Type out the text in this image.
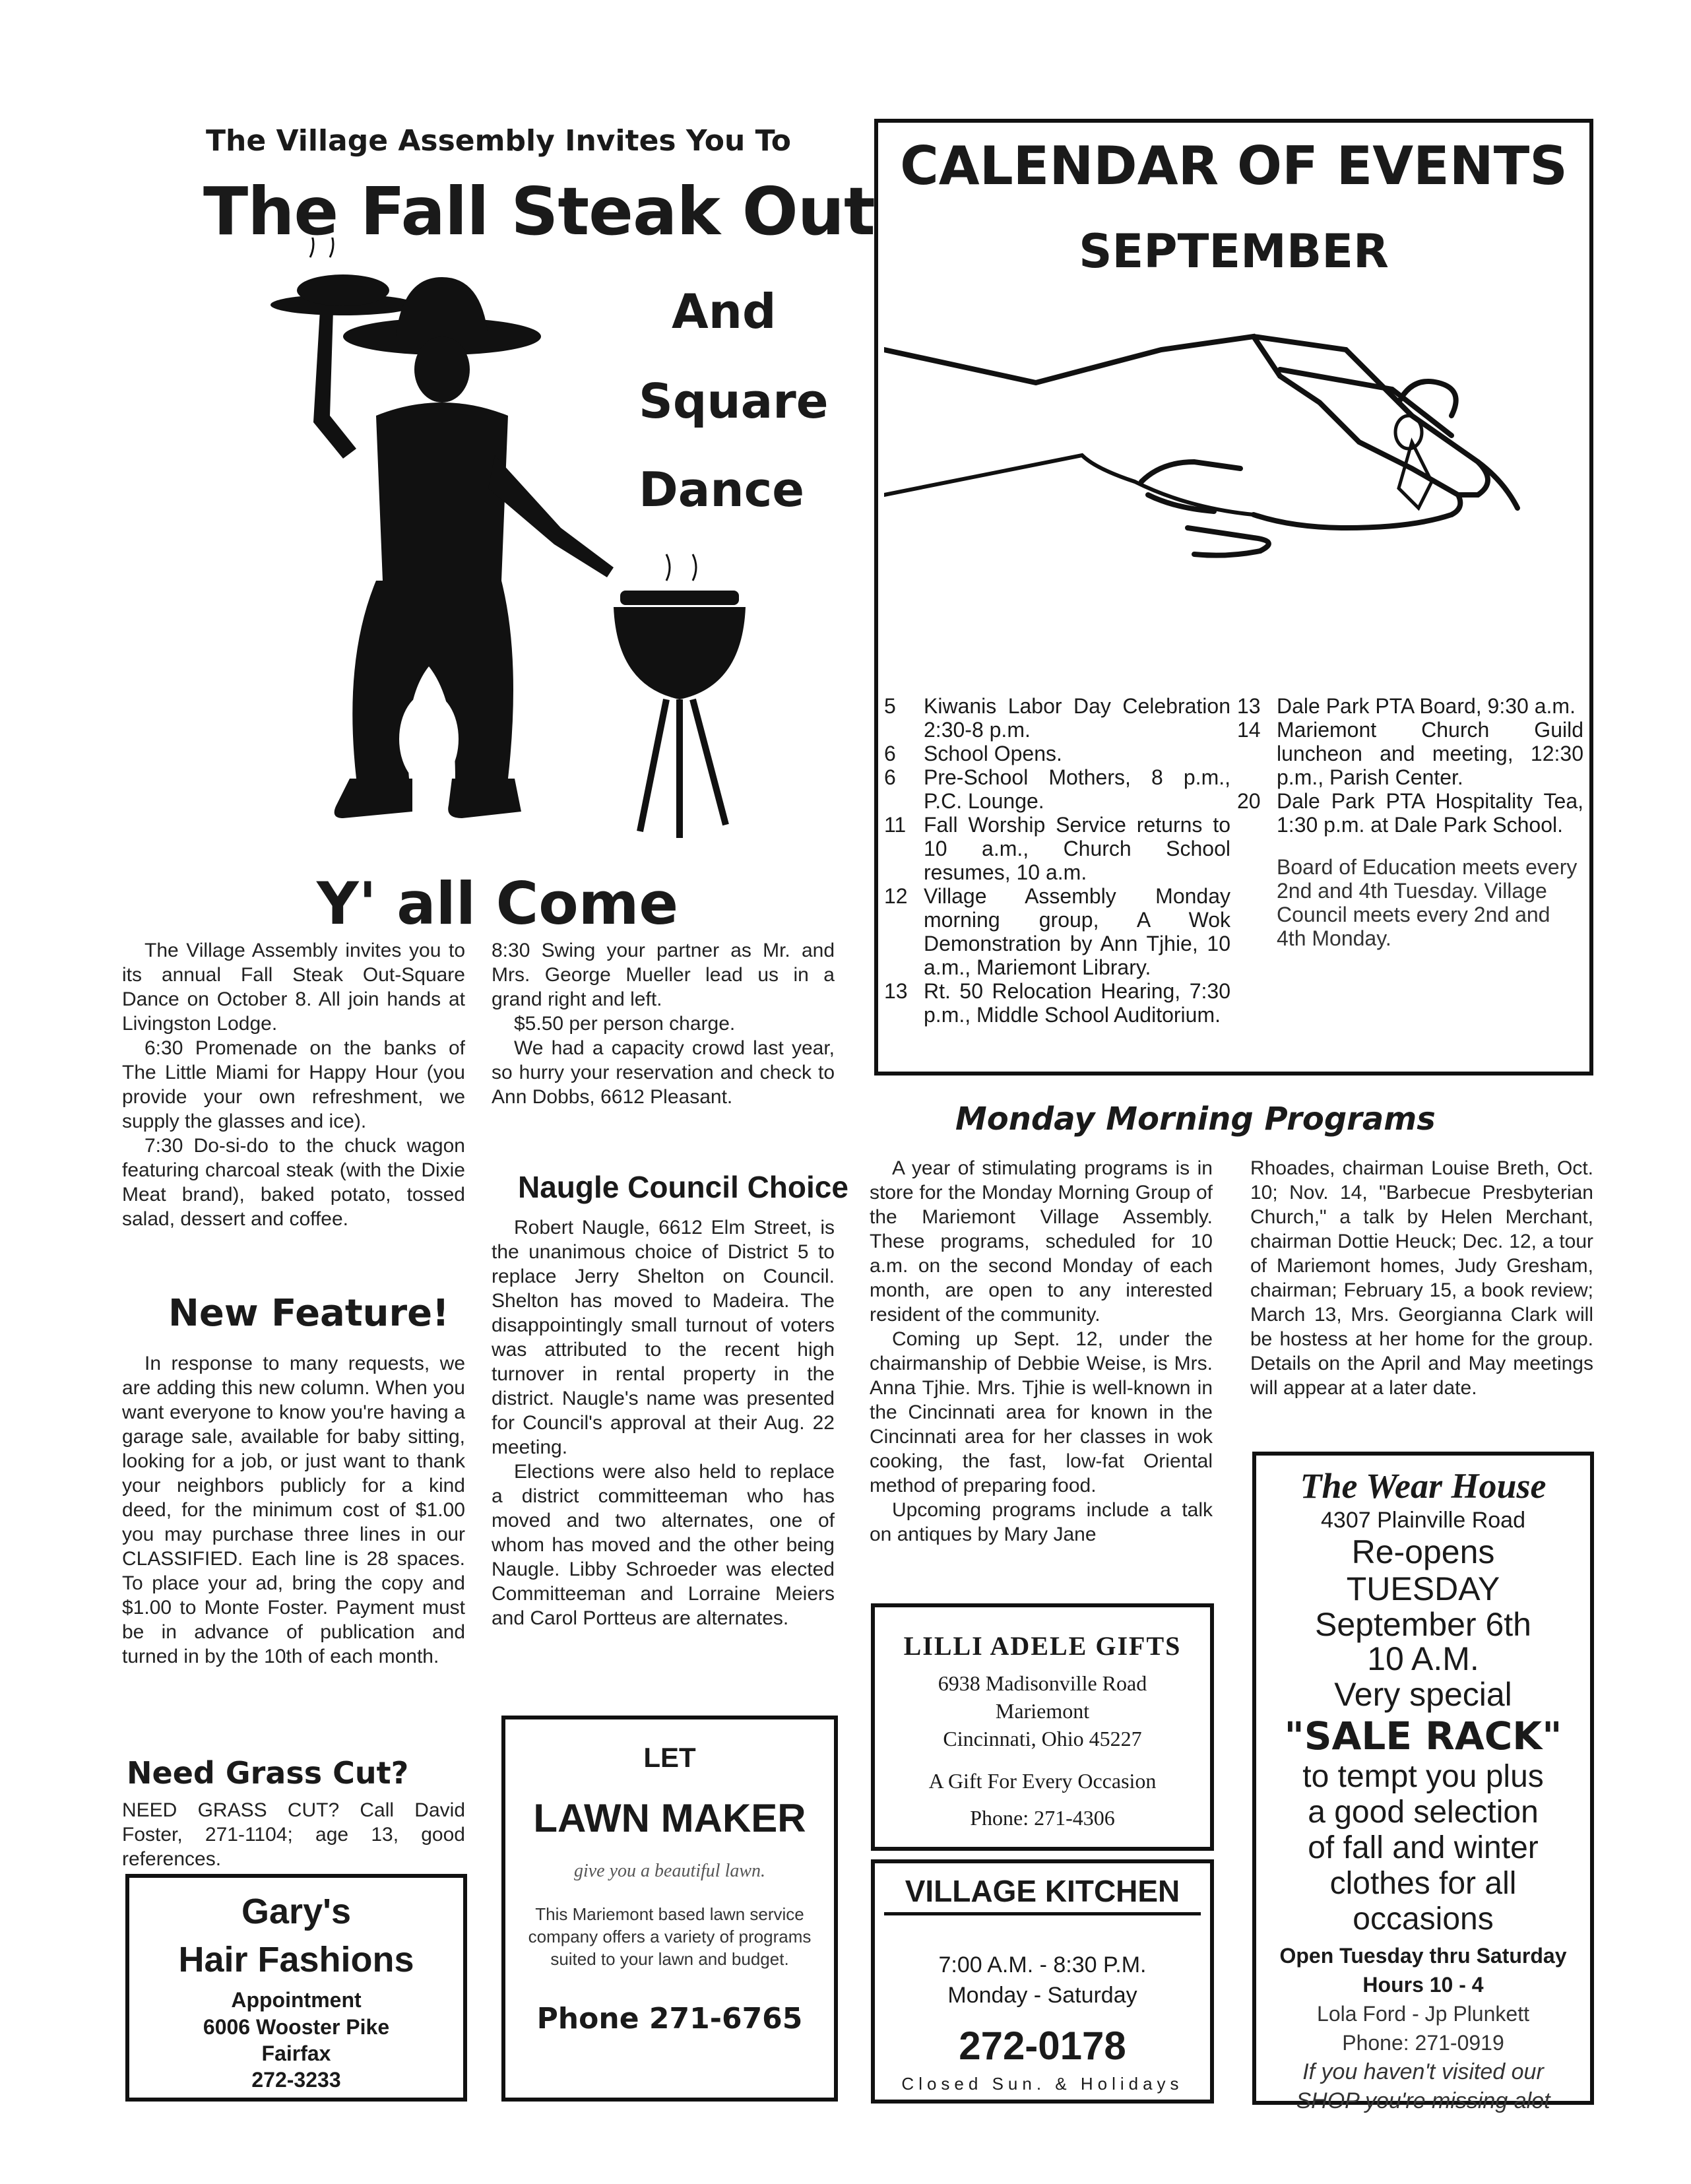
The Village Assembly Invites You To
The Fall Steak Out
And
Square
Dance
Y' all Come

The Village Assembly invites you to its annual Fall Steak Out-Square Dance on October 8. All join hands at Livingston Lodge.

6:30 Promenade on the banks of The Little Miami for Happy Hour (you provide your own refreshment, we supply the glasses and ice).

7:30 Do-si-do to the chuck wagon featuring charcoal steak (with the Dixie Meat brand), baked potato, tossed salad, dessert and coffee.

8:30 Swing your partner as Mr. and Mrs. George Mueller lead us in a grand right and left.

$5.50 per person charge.

We had a capacity crowd last year, so hurry your reservation and check to Ann Dobbs, 6612 Pleasant.

New Feature!

In response to many requests, we are adding this new column. When you want everyone to know you're having a garage sale, available for baby sitting, looking for a job, or just want to thank your neighbors publicly for a kind deed, for the minimum cost of $1.00 you may purchase three lines in our CLASSIFIED. Each line is 28 spaces. To place your ad, bring the copy and $1.00 to Monte Foster. Payment must be in advance of publication and turned in by the 10th of each month.

Need Grass Cut?

NEED GRASS CUT? Call David Foster, 271-1104; age 13, good references.

Gary's
Hair Fashions
Appointment
6006 Wooster Pike
Fairfax
272-3233
Naugle Council Choice

Robert Naugle, 6612 Elm Street, is the unanimous choice of District 5 to replace Jerry Shelton on Council. Shelton has moved to Madeira. The disappointingly small turnout of voters was attributed to the recent high turnover in rental property in the district. Naugle's name was presented for Council's approval at their Aug. 22 meeting.

Elections were also held to replace a district committeeman who has moved and two alternates, one of whom has moved and the other being Naugle. Libby Schroeder was elected Committeeman and Lorraine Meiers and Carol Portteus are alternates.

LET
LAWN MAKER
give you a beautiful lawn.
This Mariemont based lawn service company offers a variety of programs suited to your lawn and budget.
Phone 271-6765
CALENDAR OF EVENTS
SEPTEMBER
5	Kiwanis Labor Day Celebration 2:30-8 p.m.
6	School Opens.
6	Pre-School Mothers, 8 p.m., P.C. Lounge.
11 Fall Worship Service returns to 10 a.m., Church School resumes, 10 a.m.
12 Village Assembly Monday morning group, A Wok Demonstration by Ann Tjhie, 10 a.m., Mariemont Library.
13 Rt. 50 Relocation Hearing, 7:30 p.m., Middle School Auditorium.
13 Dale Park PTA Board, 9:30 a.m.
14 Mariemont Church Guild luncheon and meeting, 12:30 p.m., Parish Center.
20 Dale Park PTA Hospitality Tea, 1:30 p.m. at Dale Park School.
Board of Education meets every 2nd and 4th Tuesday. Village Council meets every 2nd and 4th Monday.
Monday Morning Programs

A year of stimulating programs is in store for the Monday Morning Group of the Mariemont Village Assembly. These programs, scheduled for 10 a.m. on the second Monday of each month, are open to any interested resident of the community.

Coming up Sept. 12, under the chairmanship of Debbie Weise, is Mrs. Anna Tjhie. Mrs. Tjhie is well-known in the Cincinnati area for known in the Cincinnati area for her classes in wok cooking, the fast, low-fat Oriental method of preparing food.

Upcoming programs include a talk on antiques by Mary Jane

Rhoades, chairman Louise Breth, Oct. 10; Nov. 14, "Barbecue Presbyterian Church," a talk by Helen Merchant, chairman Dottie Heuck; Dec. 12, a tour of Mariemont homes, Judy Gresham, chairman; February 15, a book review; March 13, Mrs. Georgianna Clark will be hostess at her home for the group. Details on the April and May meetings will appear at a later date.

LILLI ADELE GIFTS
6938 Madisonville Road
Mariemont
Cincinnati, Ohio 45227
A Gift For Every Occasion
Phone: 271-4306
VILLAGE KITCHEN
7:00 A.M. - 8:30 P.M.
Monday - Saturday
272-0178
Closed Sun. & Holidays
The Wear House
4307 Plainville Road
Re-opens
TUESDAY
September 6th
10 A.M.
Very special
"SALE RACK"
to tempt you plus
a good selection
of fall and winter
clothes for all
occasions
Open Tuesday thru Saturday
Hours 10 - 4
Lola Ford - Jp Plunkett
Phone: 271-0919
If you haven't visited our
SHOP you're missing alot
